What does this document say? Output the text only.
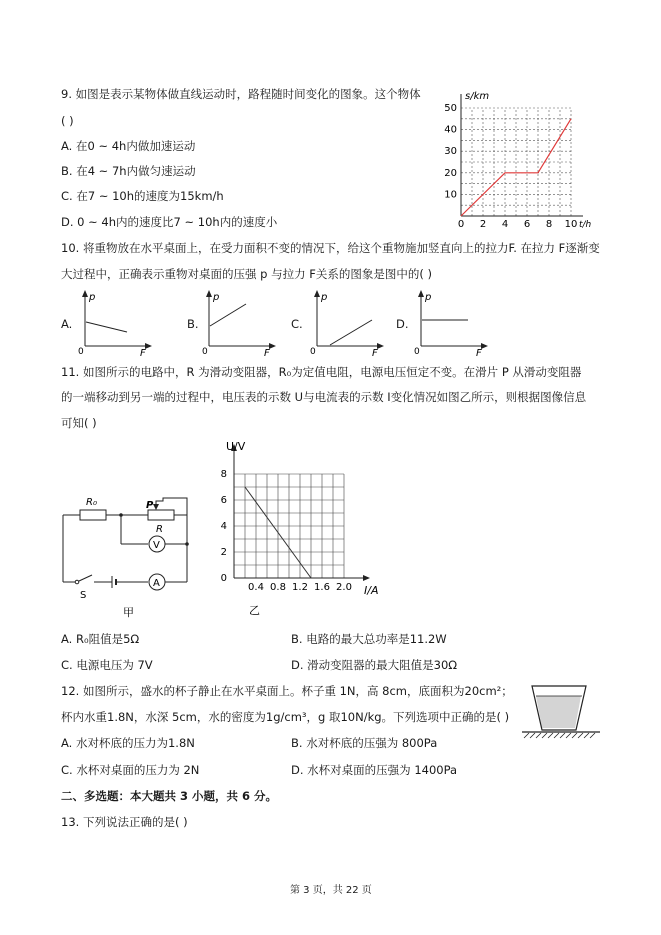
9. 如图是表示某物体做直线运动时，路程随时间变化的图象。这个物体
( )
A. 在0 ~ 4h内做加速运动
B. 在4 ~ 7h内做匀速运动
C. 在7 ~ 10h的速度为15km/h
D. 0 ~ 4h内的速度比7 ~ 10h内的速度小
10
20
30
40
50
0 2 4 6 8 10
s/km
t/h
10. 将重物放在水平桌面上，在受力面积不变的情况下，给这个重物施加竖直向上的拉力F. 在拉力 F逐渐变
大过程中，正确表示重物对桌面的压强 p 与拉力 F关系的图象是图中的( )
A.
p
F
0
B.
p
F
0
C.
p
F
0
D.
p
F
0
11. 如图所示的电路中，R 为滑动变阻器，R₀为定值电阻，电源电压恒定不变。在滑片 P 从滑动变阻器
的一端移动到另一端的过程中，电压表的示数 U与电流表的示数 I变化情况如图乙所示，则根据图像信息
可知( )
R₀	P
R
V
A
S
甲
0
2
4
6
8
0.4 0.8 1.2 1.6 2.0
U/V
I/A
乙
A. R₀阻值是5Ω	B. 电路的最大总功率是11.2W
C. 电源电压为 7V	D. 滑动变阻器的最大阻值是30Ω
12. 如图所示，盛水的杯子静止在水平桌面上。杯子重 1N，高 8cm，底面积为20cm²；
杯内水重1.8N，水深 5cm，水的密度为1g/cm³，g 取10N/kg。下列选项中正确的是( )
A. 水对杯底的压力为1.8N	B. 水对杯底的压强为 800Pa
C. 水杯对桌面的压力为 2N	D. 水杯对桌面的压强为 1400Pa
二、多选题：本大题共 3 小题，共 6 分。
13. 下列说法正确的是( )
第 3 页，共 22 页
